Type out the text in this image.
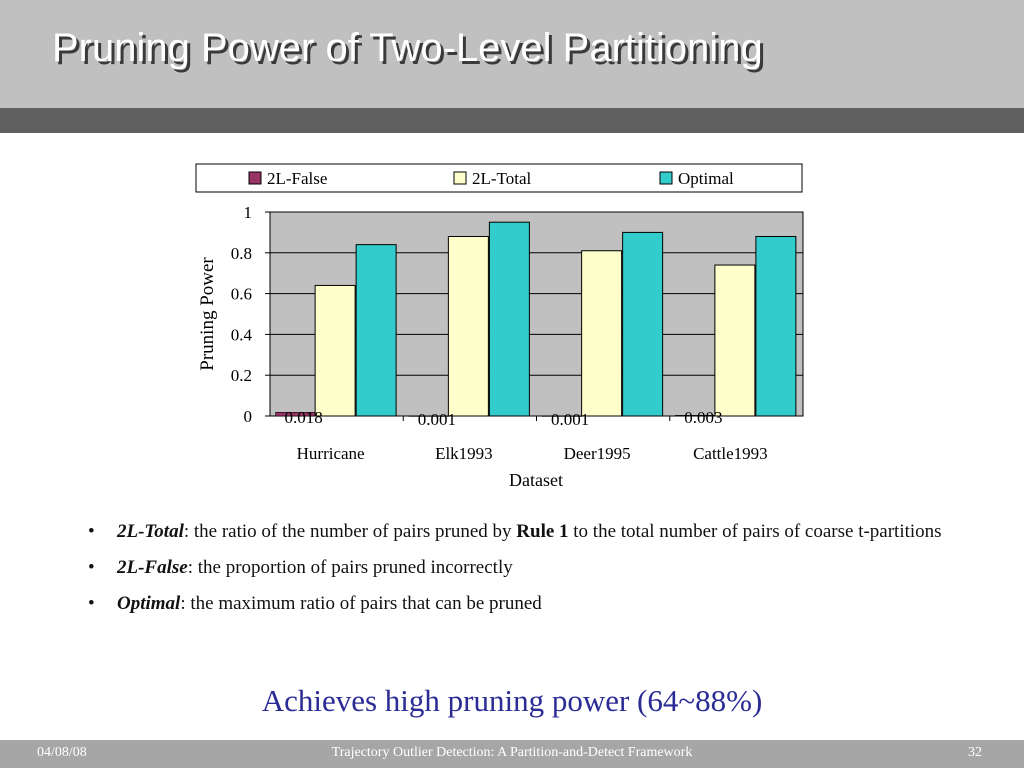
Pruning Power of Two-Level Partitioning
0
0.2
0.4
0.6
0.8
1
0.018
Hurricane
0.001
Elk1993
0.001
Deer1995
0.003
Cattle1993
2L-False	2L-Total	Optimal
Pruning Power
Dataset
• 2L-Total: the ratio of the number of pairs pruned by Rule 1 to the total number of pairs of coarse t-partitions
• 2L-False: the proportion of pairs pruned incorrectly
• Optimal: the maximum ratio of pairs that can be pruned
Achieves high pruning power (64~88%)
04/08/08	Trajectory Outlier Detection: A Partition-and-Detect Framework	32
